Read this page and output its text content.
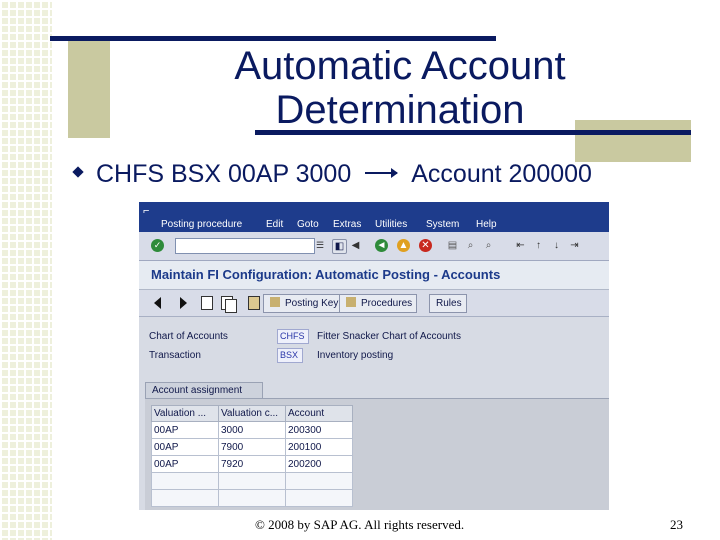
Automatic Account
Determination
CHFS BSX 00AP 3000 Account 200000
⌐
Posting procedure Edit Goto Extras Utilities System Help
✓	☰ ◧ ◀ ◄ ▲ ✕ ▤	⌕	⌕	⇤	↑	↓	⇥
Maintain FI Configuration: Automatic Posting - Accounts
Posting Key	Procedures	Rules
Chart of Accounts	CHFS	Fitter Snacker Chart of Accounts
Transaction	BSX	Inventory posting
Account assignment
Valuation ...	Valuation c...	Account
00AP	3000	200300
00AP	7900	200100
00AP	7920	200200

© 2008 by SAP AG. All rights reserved.	23
